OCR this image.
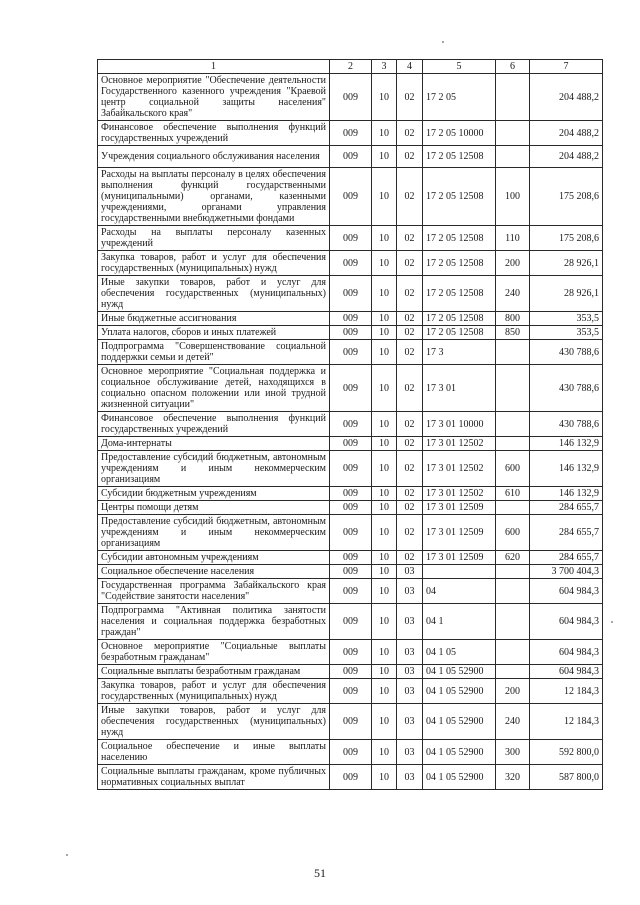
1	2	3	4	5	6	7
Основное мероприятие "Обеспечение деятельности Государственного казенного учреждения "Краевой центр социальной защиты населения" Забайкальского края"	009	10	02	17 2 05		204 488,2
Финансовое обеспечение выполнения функций государственных учреждений	009	10	02	17 2 05 10000		204 488,2
Учреждения социального обслуживания населения	009	10	02	17 2 05 12508		204 488,2
Расходы на выплаты персоналу в целях обеспечения выполнения функций государственными (муниципальными) органами, казенными учреждениями, органами управления государственными внебюджетными фондами	009	10	02	17 2 05 12508	100	175 208,6
Расходы на выплаты персоналу казенных учреждений	009	10	02	17 2 05 12508	110	175 208,6
Закупка товаров, работ и услуг для обеспечения государственных (муниципальных) нужд	009	10	02	17 2 05 12508	200	28 926,1
Иные закупки товаров, работ и услуг для обеспечения государственных (муниципальных) нужд	009	10	02	17 2 05 12508	240	28 926,1
Иные бюджетные ассигнования	009	10	02	17 2 05 12508	800	353,5
Уплата налогов, сборов и иных платежей	009	10	02	17 2 05 12508	850	353,5
Подпрограмма "Совершенствование социальной поддержки семьи и детей"	009	10	02	17 3		430 788,6
Основное мероприятие "Социальная поддержка и социальное обслуживание детей, находящихся в социально опасном положении или иной трудной жизненной ситуации"	009	10	02	17 3 01		430 788,6
Финансовое обеспечение выполнения функций государственных учреждений	009	10	02	17 3 01 10000		430 788,6
Дома-интернаты	009	10	02	17 3 01 12502		146 132,9
Предоставление субсидий бюджетным, автономным учреждениям и иным некоммерческим организациям	009	10	02	17 3 01 12502	600	146 132,9
Субсидии бюджетным учреждениям	009	10	02	17 3 01 12502	610	146 132,9
Центры помощи детям	009	10	02	17 3 01 12509		284 655,7
Предоставление субсидий бюджетным, автономным учреждениям и иным некоммерческим организациям	009	10	02	17 3 01 12509	600	284 655,7
Субсидии автономным учреждениям	009	10	02	17 3 01 12509	620	284 655,7
Социальное обеспечение населения	009	10	03			3 700 404,3
Государственная программа Забайкальского края "Содействие занятости населения"	009	10	03	04		604 984,3
Подпрограмма "Активная политика занятости населения и социальная поддержка безработных граждан"	009	10	03	04 1		604 984,3
Основное мероприятие "Социальные выплаты безработным гражданам"	009	10	03	04 1 05		604 984,3
Социальные выплаты безработным гражданам	009	10	03	04 1 05 52900		604 984,3
Закупка товаров, работ и услуг для обеспечения государственных (муниципальных) нужд	009	10	03	04 1 05 52900	200	12 184,3
Иные закупки товаров, работ и услуг для обеспечения государственных (муниципальных) нужд	009	10	03	04 1 05 52900	240	12 184,3
Социальное обеспечение и иные выплаты населению	009	10	03	04 1 05 52900	300	592 800,0
Социальные выплаты гражданам, кроме публичных нормативных социальных выплат	009	10	03	04 1 05 52900	320	587 800,0
51
